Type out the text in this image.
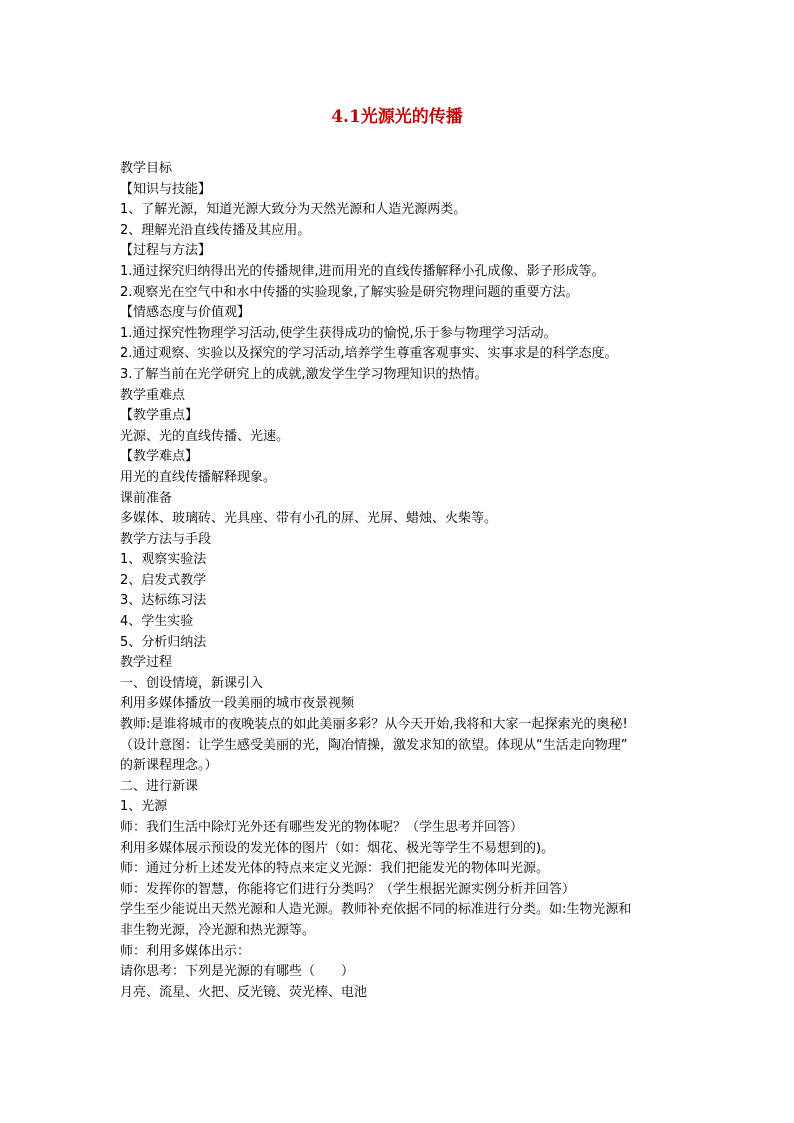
4.1光源光的传播
教学目标
【知识与技能】
1、了解光源，知道光源大致分为天然光源和人造光源两类。
2、理解光沿直线传播及其应用。
【过程与方法】
1.通过探究归纳得出光的传播规律,进而用光的直线传播解释小孔成像、影子形成等。
2.观察光在空气中和水中传播的实验现象,了解实验是研究物理问题的重要方法。
【情感态度与价值观】
1.通过探究性物理学习活动,使学生获得成功的愉悦,乐于参与物理学习活动。
2.通过观察、实验以及探究的学习活动,培养学生尊重客观事实、实事求是的科学态度。
3.了解当前在光学研究上的成就,激发学生学习物理知识的热情。
教学重难点
【教学重点】
光源、光的直线传播、光速。
【教学难点】
用光的直线传播解释现象。
课前准备
多媒体、玻璃砖、光具座、带有小孔的屏、光屏、蜡烛、火柴等。
教学方法与手段
1、观察实验法
2、启发式教学
3、达标练习法
4、学生实验
5、分析归纳法
教学过程
一、创设情境，新课引入
利用多媒体播放一段美丽的城市夜景视频
教师:是谁将城市的夜晚装点的如此美丽多彩？从今天开始,我将和大家一起探索光的奥秘!
（设计意图：让学生感受美丽的光，陶冶情操，激发求知的欲望。体现从“生活走向物理”
的新课程理念。）
二、进行新课
1、光源
师：我们生活中除灯光外还有哪些发光的物体呢？（学生思考并回答）
利用多媒体展示预设的发光体的图片（如：烟花、极光等学生不易想到的)。
师：通过分析上述发光体的特点来定义光源：我们把能发光的物体叫光源。
师：发挥你的智慧，你能将它们进行分类吗？（学生根据光源实例分析并回答）
学生至少能说出天然光源和人造光源。教师补充依据不同的标准进行分类。如:生物光源和
非生物光源，冷光源和热光源等。
师：利用多媒体出示：
请你思考：下列是光源的有哪些（　　）
月亮、流星、火把、反光镜、荧光棒、电池
